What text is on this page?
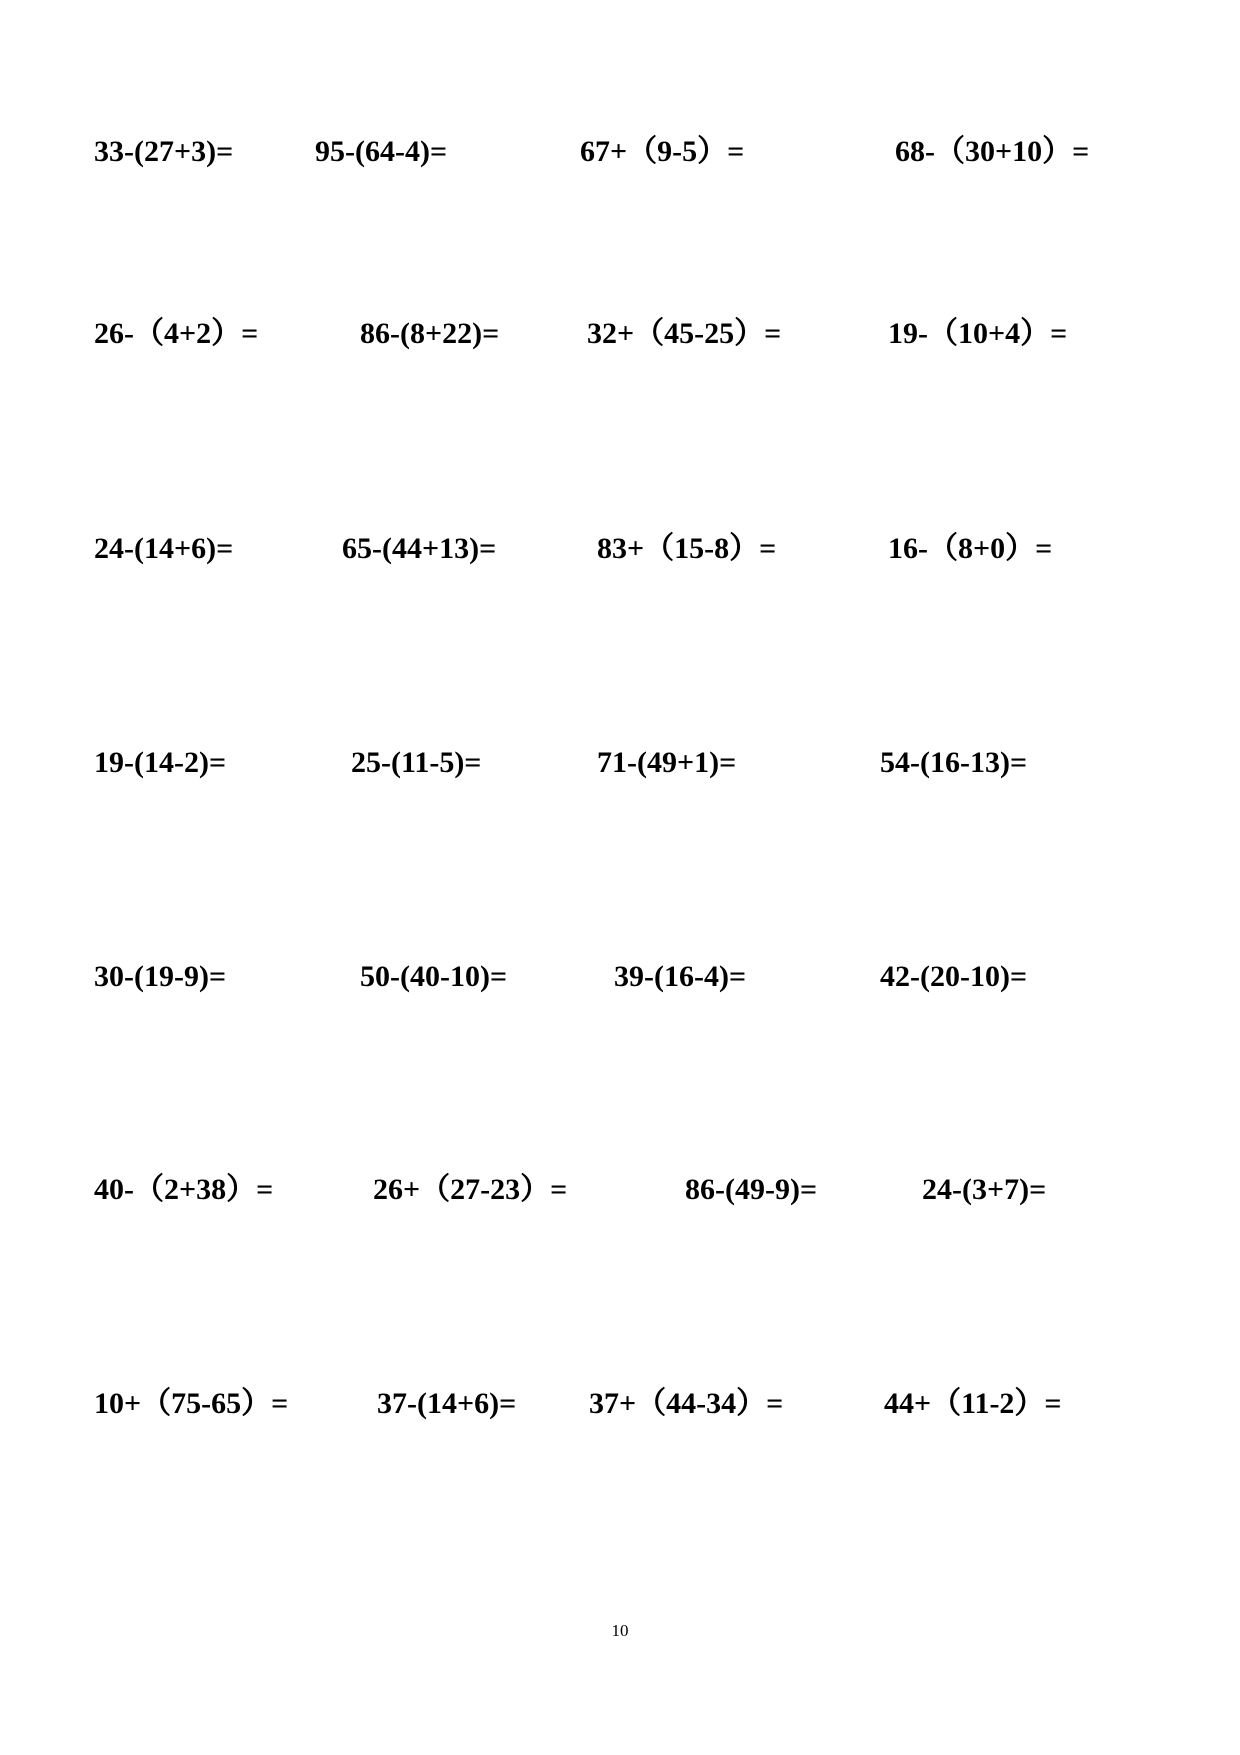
33-(27+3)=	95-(64-4)=	67+（9-5）=	68-（30+10）=
26-（4+2）=	86-(8+22)=	32+（45-25）=	19-（10+4）=
24-(14+6)=	65-(44+13)=	83+（15-8）=	16-（8+0）=
19-(14-2)=	25-(11-5)=	71-(49+1)=	54-(16-13)=
30-(19-9)=	50-(40-10)=	39-(16-4)=	42-(20-10)=
40-（2+38）=	26+（27-23）=	86-(49-9)=	24-(3+7)=
10+（75-65）=	37-(14+6)= 37+（44-34）=	44+（11-2）=
10
